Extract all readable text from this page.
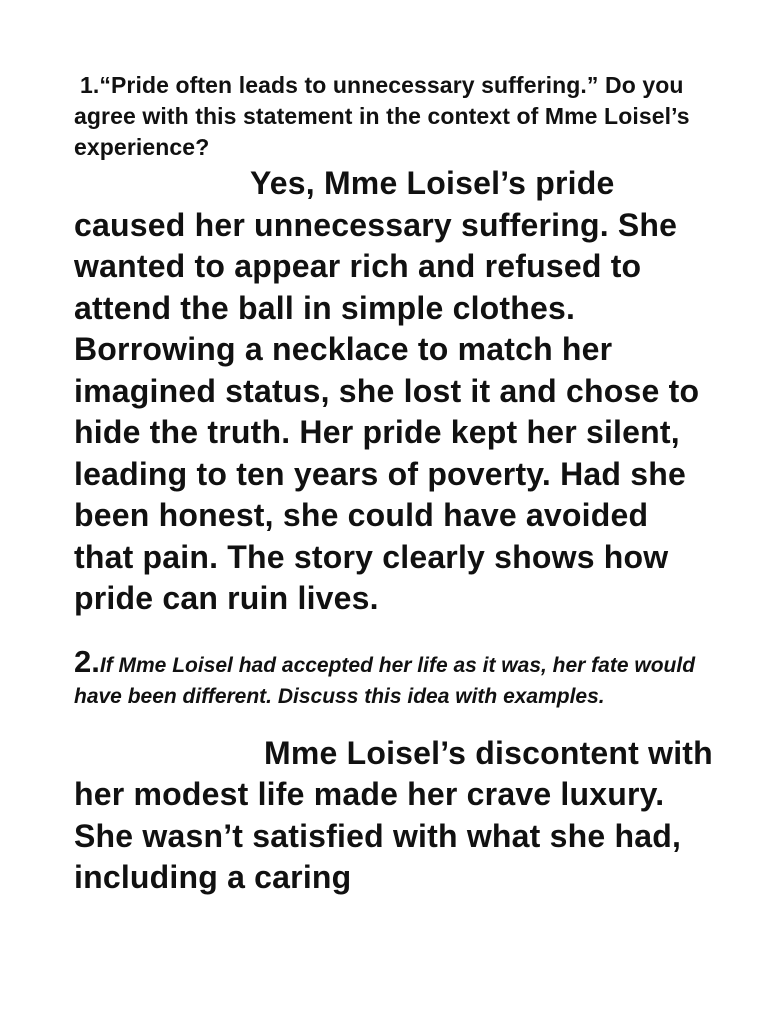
1.“Pride often leads to unnecessary suffering.” Do you agree with this statement in the context of Mme Loisel’s experience?

Yes, Mme Loisel’s pride caused her unnecessary suffering. She wanted to appear rich and refused to attend the ball in simple clothes. Borrowing a necklace to match her imagined status, she lost it and chose to hide the truth. Her pride kept her silent, leading to ten years of poverty. Had she been honest, she could have avoided that pain. The story clearly shows how pride can ruin lives.

2.If Mme Loisel had accepted her life as it was, her fate would have been different. Discuss this idea with examples.

Mme Loisel’s discontent with her modest life made her crave luxury. She wasn’t satisfied with what she had, including a caring
